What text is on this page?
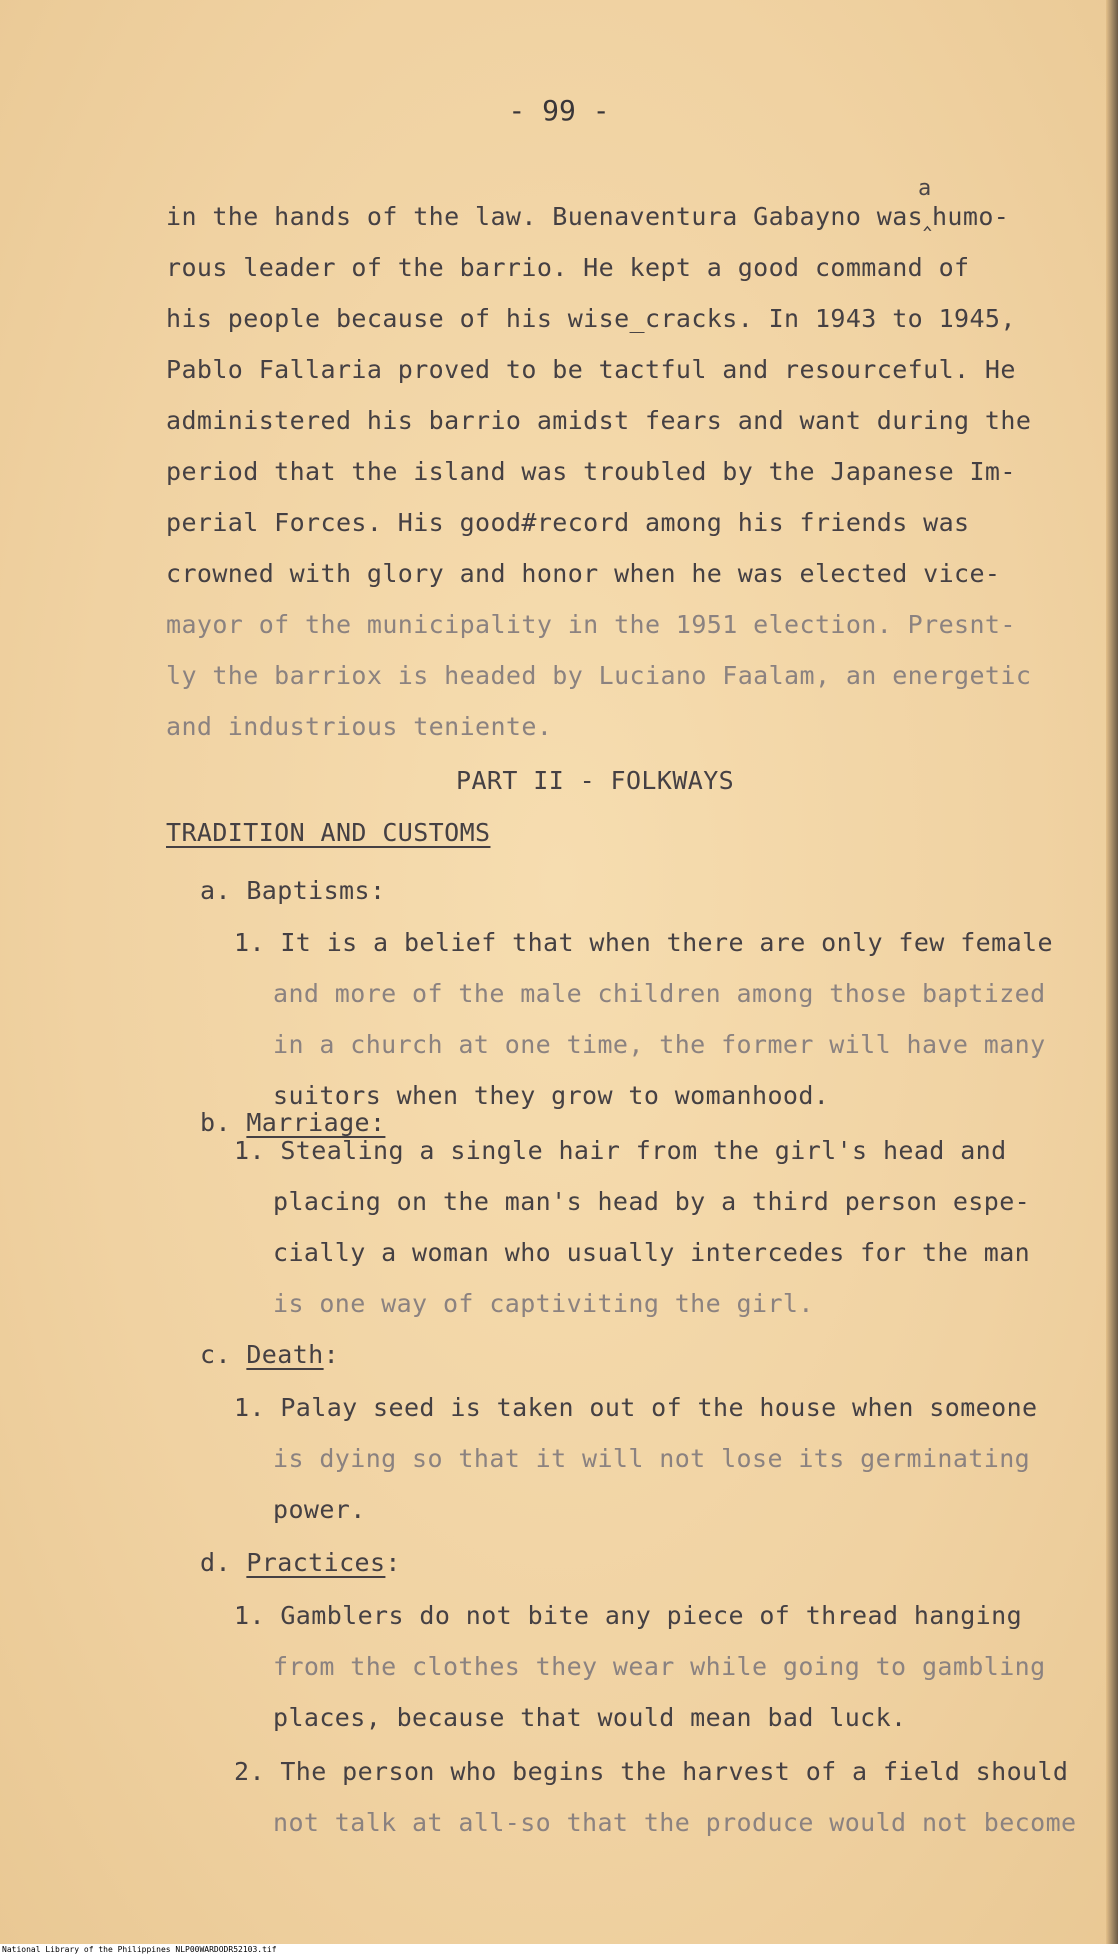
- 99 -
a
in the hands of the law. Buenaventura Gabayno was‸humo-
rous leader of the barrio. He kept a good command of
his people because of his wise_cracks. In 1943 to 1945,
Pablo Fallaria proved to be tactful and resourceful. He
administered his barrio amidst fears and want during the
period that the island was troubled by the Japanese Im-
perial Forces. His good#record among his friends was
crowned with glory and honor when he was elected vice-
mayor of the municipality in the 1951 election. Presnt-
ly the barriox is headed by Luciano Faalam, an energetic
and industrious teniente.
PART II - FOLKWAYS
TRADITION AND CUSTOMS
a. Baptisms:
1. It is a belief that when there are only few female
and more of the male children among those baptized
in a church at one time, the former will have many
suitors when they grow to womanhood.
b. Marriage:
1. Stealing a single hair from the girl's head and
placing on the man's head by a third person espe-
cially a woman who usually intercedes for the man
is one way of captiviting the girl.
c. Death:
1. Palay seed is taken out of the house when someone
is dying so that it will not lose its germinating
power.
d. Practices:
1. Gamblers do not bite any piece of thread hanging
from the clothes they wear while going to gambling
places, because that would mean bad luck.
2. The person who begins the harvest of a field should
not talk at all-so that the produce would not become
National Library of the Philippines NLP00WARDODR52103.tif
